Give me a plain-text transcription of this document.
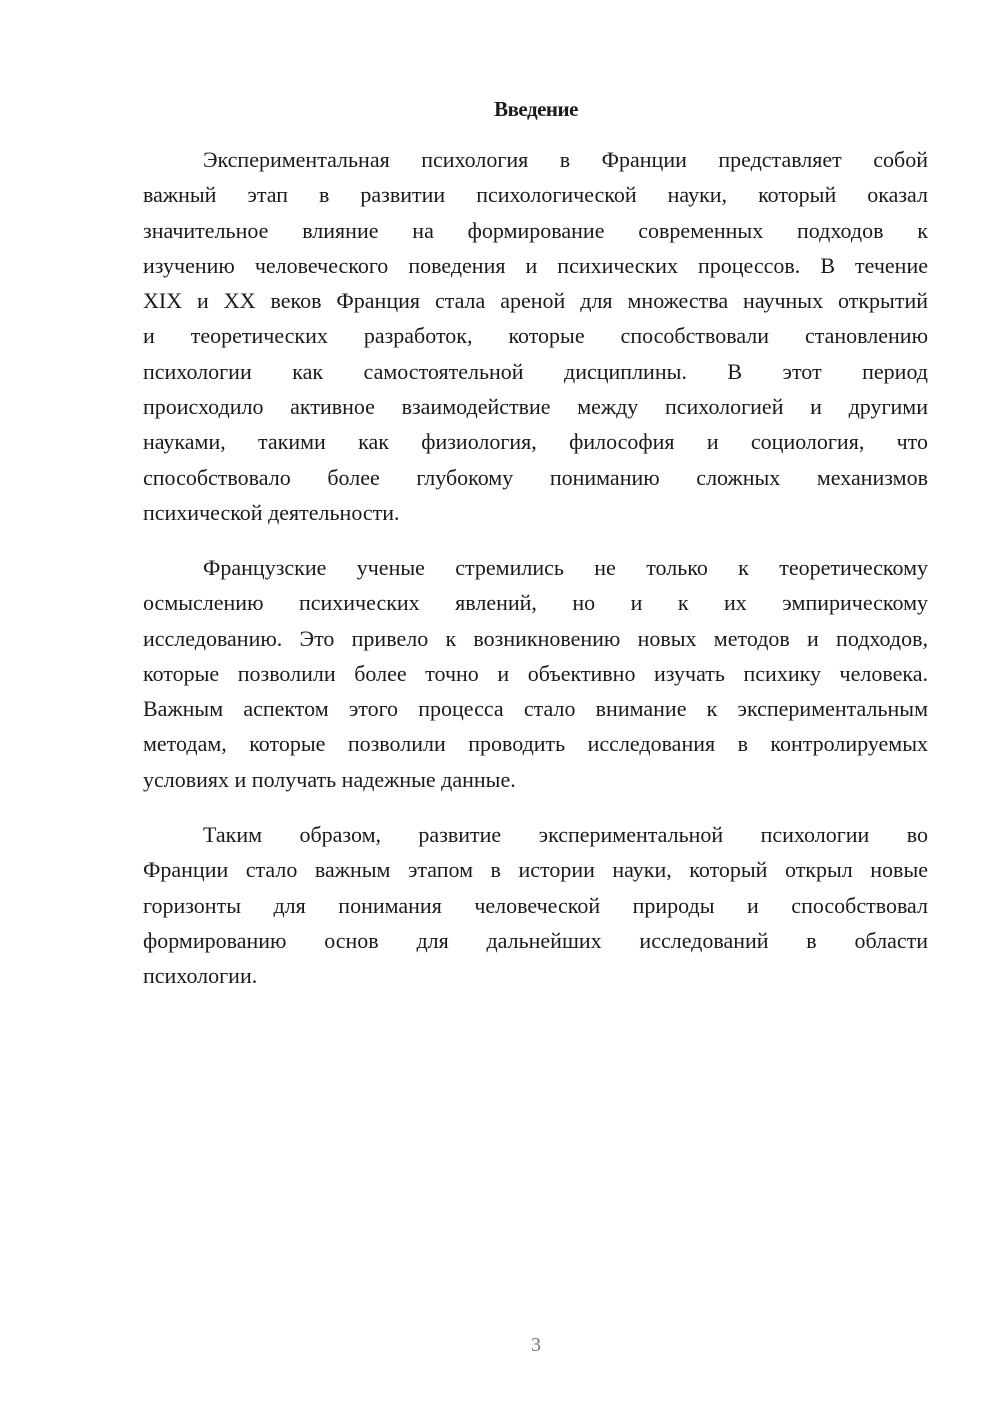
Введение
Экспериментальная психология в Франции представляет собой
важный этап в развитии психологической науки, который оказал
значительное влияние на формирование современных подходов к
изучению человеческого поведения и психических процессов. В течение
XIX и XX веков Франция стала ареной для множества научных открытий
и теоретических разработок, которые способствовали становлению
психологии как самостоятельной дисциплины. В этот период
происходило активное взаимодействие между психологией и другими
науками, такими как физиология, философия и социология, что
способствовало более глубокому пониманию сложных механизмов
психической деятельности.
Французские ученые стремились не только к теоретическому
осмыслению психических явлений, но и к их эмпирическому
исследованию. Это привело к возникновению новых методов и подходов,
которые позволили более точно и объективно изучать психику человека.
Важным аспектом этого процесса стало внимание к экспериментальным
методам, которые позволили проводить исследования в контролируемых
условиях и получать надежные данные.
Таким образом, развитие экспериментальной психологии во
Франции стало важным этапом в истории науки, который открыл новые
горизонты для понимания человеческой природы и способствовал
формированию основ для дальнейших исследований в области
психологии.
3
